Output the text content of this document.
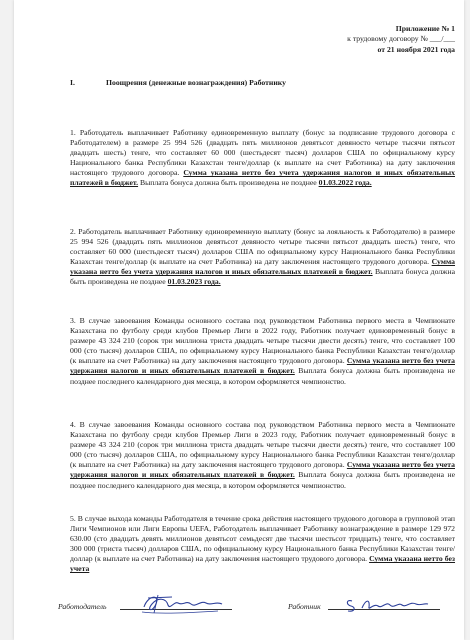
Приложение № 1
к трудовому договору № ___/___
от 21 ноября 2021 года
I.	Поощрения (денежные вознаграждения) Работнику
1. Работодатель выплачивает Работнику единовременную выплату (бонус за подписание трудового договора с Работодателем) в размере 25 994 526 (двадцать пять миллионов девятьсот девяносто четыре тысячи пятьсот двадцать шесть) тенге, что составляет 60 000 (шестьдесят тысяч) долларов США по официальному курсу Национального банка Республики Казахстан тенге/доллар (к выплате на счет Работника) на дату заключения настоящего трудового договора. Сумма указана нетто без учета удержания налогов и иных обязательных платежей в бюджет. Выплата бонуса должна быть произведена не позднее 01.03.2022 года.
2. Работодатель выплачивает Работнику единовременную выплату (бонус за лояльность к Работодателю) в размере 25 994 526 (двадцать пять миллионов девятьсот девяносто четыре тысячи пятьсот двадцать шесть) тенге, что составляет 60 000 (шестьдесят тысяч) долларов США по официальному курсу Национального банка Республики Казахстан тенге/доллар (к выплате на счет Работника) на дату заключения настоящего трудового договора. Сумма указана нетто без учета удержания налогов и иных обязательных платежей в бюджет. Выплата бонуса должна быть произведена не позднее 01.03.2023 года.
3. В случае завоевания Команды основного состава под руководством Работника первого места в Чемпионате Казахстана по футболу среди клубов Премьер Лиги в 2022 году, Работник получает единовременный бонус в размере 43 324 210 (сорок три миллиона триста двадцать четыре тысячи двести десять) тенге, что составляет 100 000 (сто тысяч) долларов США, по официальному курсу Национального банка Республики Казахстан тенге/доллар (к выплате на счет Работника) на дату заключения настоящего трудового договора. Сумма указана нетто без учета удержания налогов и иных обязательных платежей в бюджет. Выплата бонуса должна быть произведена не позднее последнего календарного дня месяца, в котором оформляется чемпионство.
4. В случае завоевания Команды основного состава под руководством Работника первого места в Чемпионате Казахстана по футболу среди клубов Премьер Лиги в 2023 году, Работник получает единовременный бонус в размере 43 324 210 (сорок три миллиона триста двадцать четыре тысячи двести десять) тенге, что составляет 100 000 (сто тысяч) долларов США, по официальному курсу Национального банка Республики Казахстан тенге/доллар (к выплате на счет Работника) на дату заключения настоящего трудового договора. Сумма указана нетто без учета удержания налогов и иных обязательных платежей в бюджет. Выплата бонуса должна быть произведена не позднее последнего календарного дня месяца, в котором оформляется чемпионство.
5. В случае выхода команды Работодателя в течение срока действия настоящего трудового договора в групповой этап Лиги Чемпионов или Лиги Европы UEFA, Работодатель выплачивает Работнику вознаграждение в размере 129 972 630.00 (сто двадцать девять миллионов девятьсот семьдесят две тысячи шестьсот тридцать) тенге, что составляет 300 000 (триста тысяч) долларов США, по официальному курсу Национального банка Республики Казахстан тенге/доллар (к выплате на счет Работника) на дату заключения настоящего трудового договора. Сумма указана нетто без учета
Работодатель	Работник
